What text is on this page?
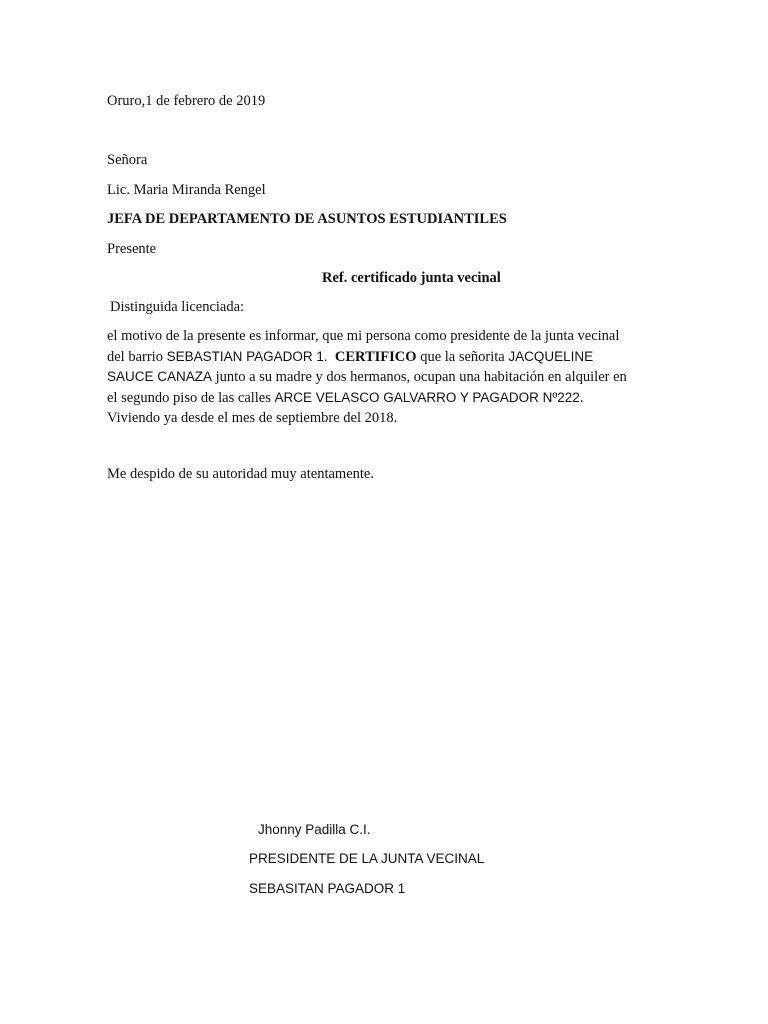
Oruro,1 de febrero de 2019
Señora
Lic. Maria Miranda Rengel
JEFA DE DEPARTAMENTO DE ASUNTOS ESTUDIANTILES
Presente
Ref. certificado junta vecinal
Distinguida licenciada:
el motivo de la presente es informar, que mi persona como presidente de la junta vecinal
del barrio SEBASTIAN PAGADOR 1. CERTIFICO que la señorita JACQUELINE
SAUCE CANAZA junto a su madre y dos hermanos, ocupan una habitación en alquiler en
el segundo piso de las calles ARCE VELASCO GALVARRO Y PAGADOR Nº222.
Viviendo ya desde el mes de septiembre del 2018.
Me despido de su autoridad muy atentamente.
Jhonny Padilla C.I.
PRESIDENTE DE LA JUNTA VECINAL
SEBASITAN PAGADOR 1
